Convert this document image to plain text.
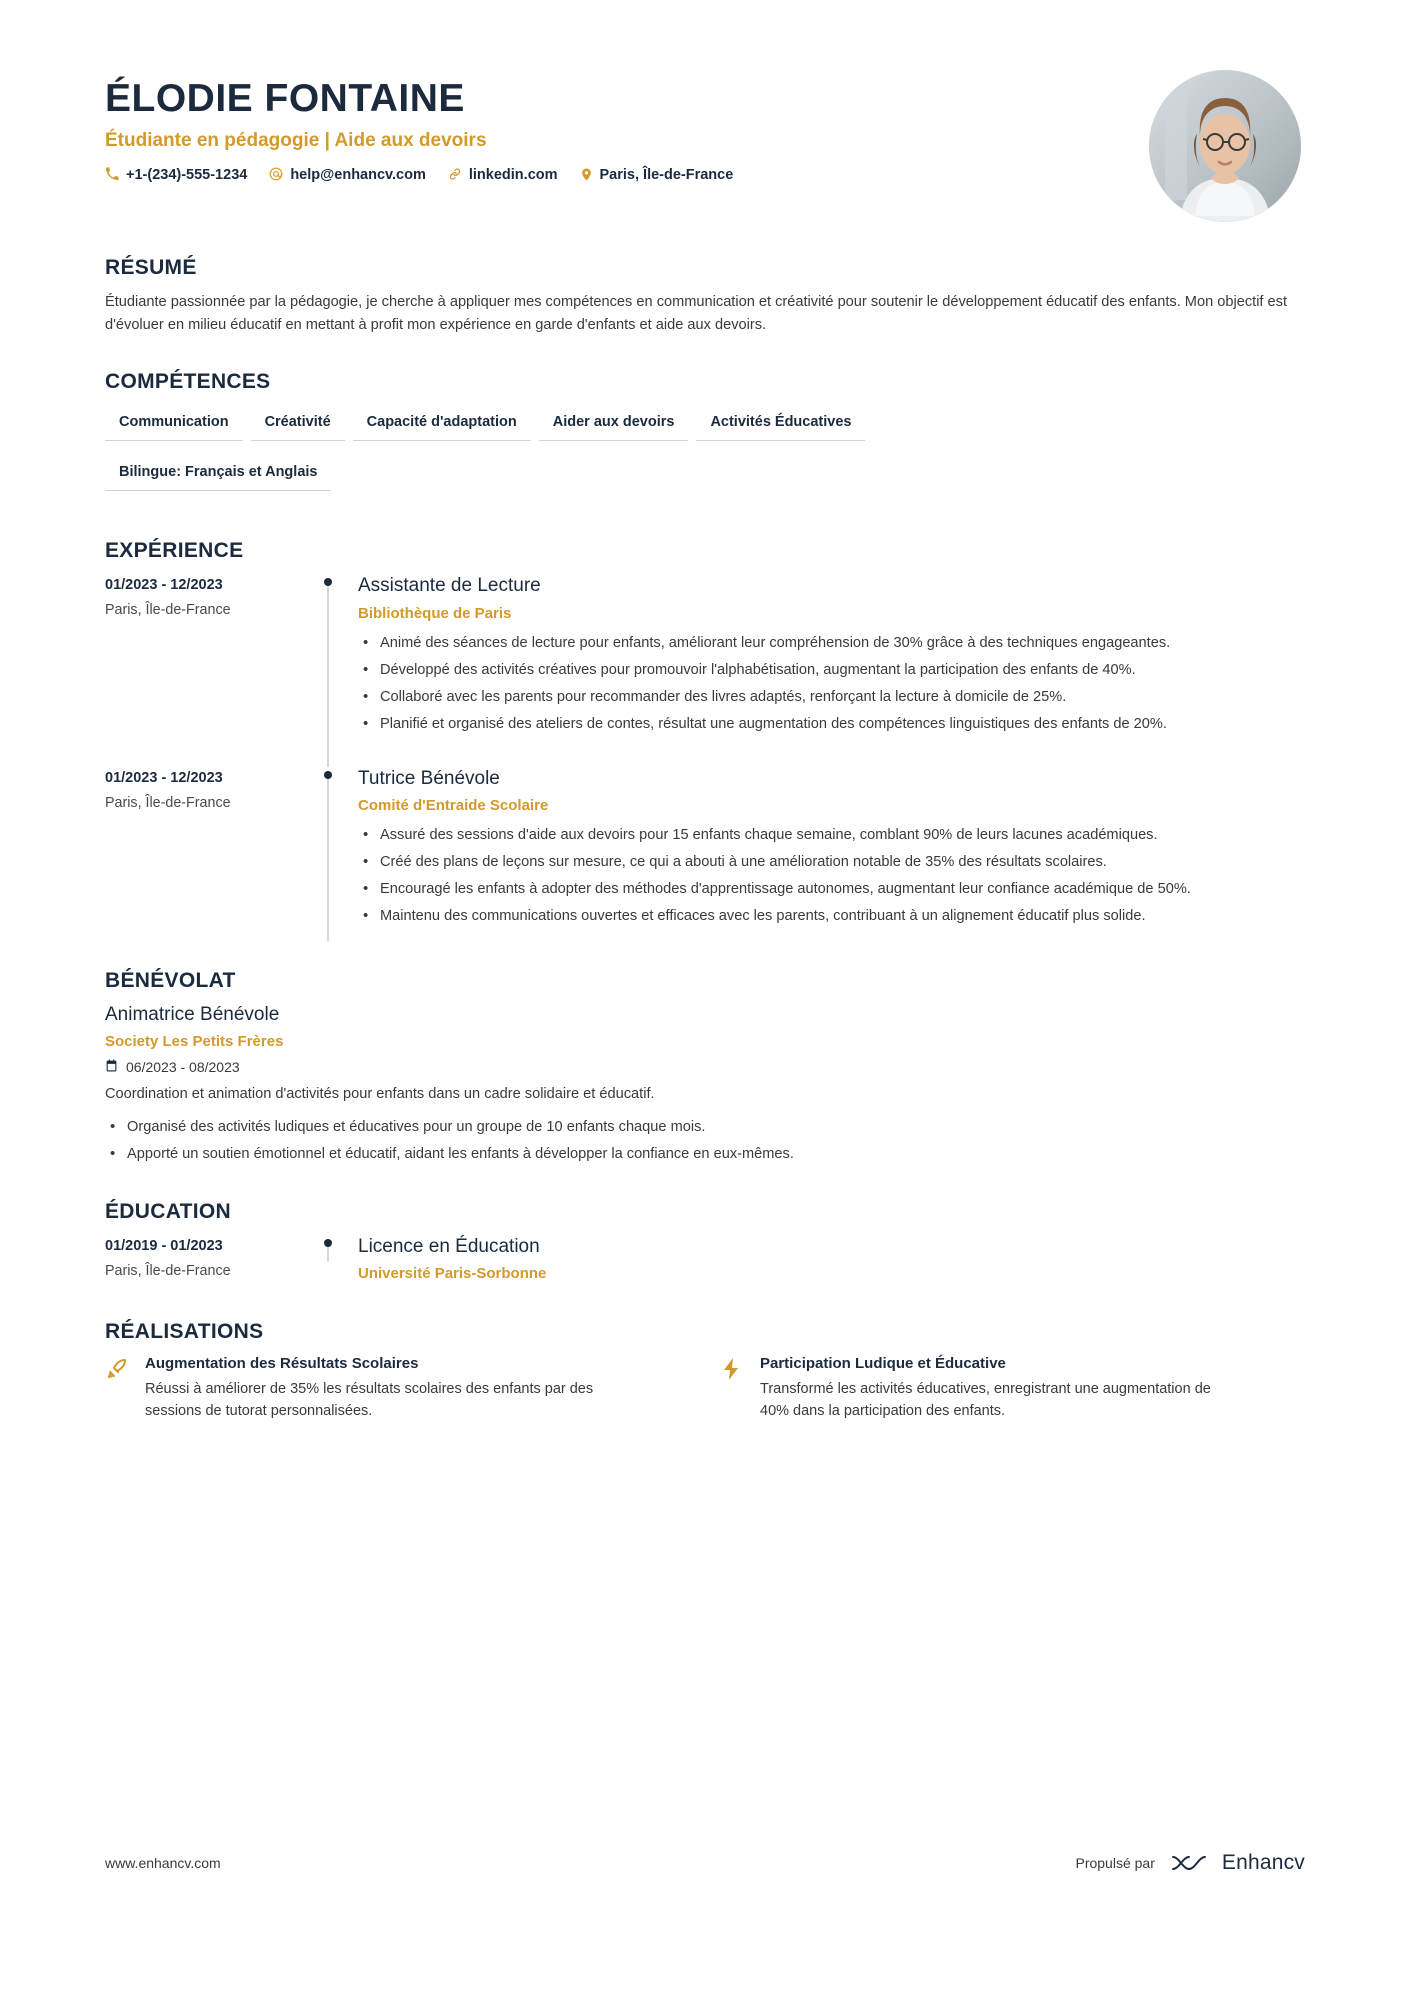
ÉLODIE FONTAINE
Étudiante en pédagogie | Aide aux devoirs
+1-(234)-555-1234	help@enhancv.com	linkedin.com	Paris, Île-de-France
RÉSUMÉ
Étudiante passionnée par la pédagogie, je cherche à appliquer mes compétences en communication et créativité pour soutenir le développement éducatif des enfants. Mon objectif est d'évoluer en milieu éducatif en mettant à profit mon expérience en garde d'enfants et aide aux devoirs.
COMPÉTENCES
Communication	Créativité	Capacité d'adaptation	Aider aux devoirs	Activités Éducatives
Bilingue: Français et Anglais
EXPÉRIENCE
01/2023 - 12/2023
Paris, Île-de-France
Assistante de Lecture
Bibliothèque de Paris
• Animé des séances de lecture pour enfants, améliorant leur compréhension de 30% grâce à des techniques engageantes.
• Développé des activités créatives pour promouvoir l'alphabétisation, augmentant la participation des enfants de 40%.
• Collaboré avec les parents pour recommander des livres adaptés, renforçant la lecture à domicile de 25%.
• Planifié et organisé des ateliers de contes, résultat une augmentation des compétences linguistiques des enfants de 20%.
01/2023 - 12/2023
Paris, Île-de-France
Tutrice Bénévole
Comité d'Entraide Scolaire
• Assuré des sessions d'aide aux devoirs pour 15 enfants chaque semaine, comblant 90% de leurs lacunes académiques.
• Créé des plans de leçons sur mesure, ce qui a abouti à une amélioration notable de 35% des résultats scolaires.
• Encouragé les enfants à adopter des méthodes d'apprentissage autonomes, augmentant leur confiance académique de 50%.
• Maintenu des communications ouvertes et efficaces avec les parents, contribuant à un alignement éducatif plus solide.
BÉNÉVOLAT
Animatrice Bénévole
Society Les Petits Frères
06/2023 - 08/2023
Coordination et animation d'activités pour enfants dans un cadre solidaire et éducatif.
• Organisé des activités ludiques et éducatives pour un groupe de 10 enfants chaque mois.
• Apporté un soutien émotionnel et éducatif, aidant les enfants à développer la confiance en eux-mêmes.
ÉDUCATION
01/2019 - 01/2023
Paris, Île-de-France
Licence en Éducation
Université Paris-Sorbonne
RÉALISATIONS
Augmentation des Résultats Scolaires
Réussi à améliorer de 35% les résultats scolaires des enfants par des sessions de tutorat personnalisées.
Participation Ludique et Éducative
Transformé les activités éducatives, enregistrant une augmentation de 40% dans la participation des enfants.
www.enhancv.com	Propulsé par	Enhancv
